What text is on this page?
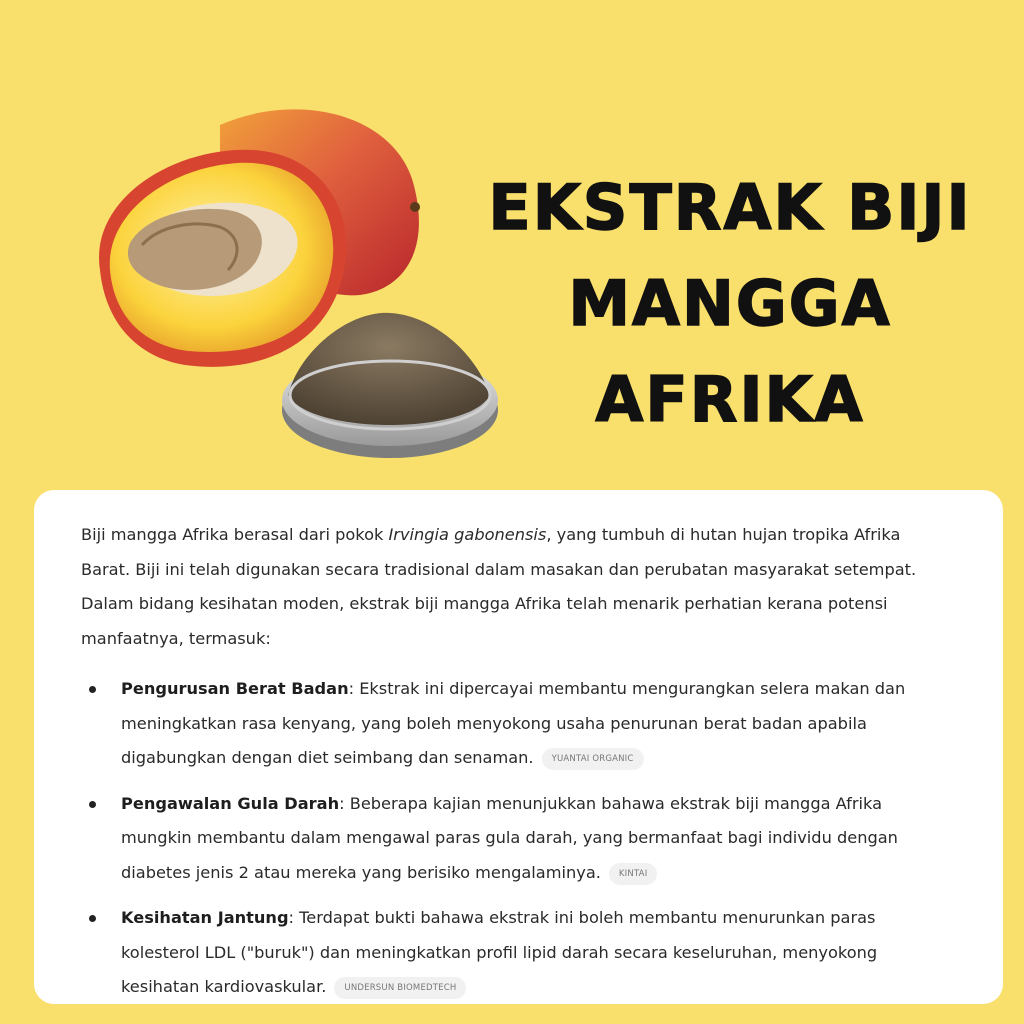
EKSTRAK BIJI
MANGGA
AFRIKA

Biji mangga Afrika berasal dari pokok Irvingia gabonensis, yang tumbuh di hutan hujan tropika Afrika Barat. Biji ini telah digunakan secara tradisional dalam masakan dan perubatan masyarakat setempat. Dalam bidang kesihatan moden, ekstrak biji mangga Afrika telah menarik perhatian kerana potensi manfaatnya, termasuk:

Pengurusan Berat Badan: Ekstrak ini dipercayai membantu mengurangkan selera makan dan meningkatkan rasa kenyang, yang boleh menyokong usaha penurunan berat badan apabila digabungkan dengan diet seimbang dan senaman. YUANTAI ORGANIC
Pengawalan Gula Darah: Beberapa kajian menunjukkan bahawa ekstrak biji mangga Afrika mungkin membantu dalam mengawal paras gula darah, yang bermanfaat bagi individu dengan diabetes jenis 2 atau mereka yang berisiko mengalaminya. KINTAI
Kesihatan Jantung: Terdapat bukti bahawa ekstrak ini boleh membantu menurunkan paras kolesterol LDL ("buruk") dan meningkatkan profil lipid darah secara keseluruhan, menyokong kesihatan kardiovaskular. UNDERSUN BIOMEDTECH
